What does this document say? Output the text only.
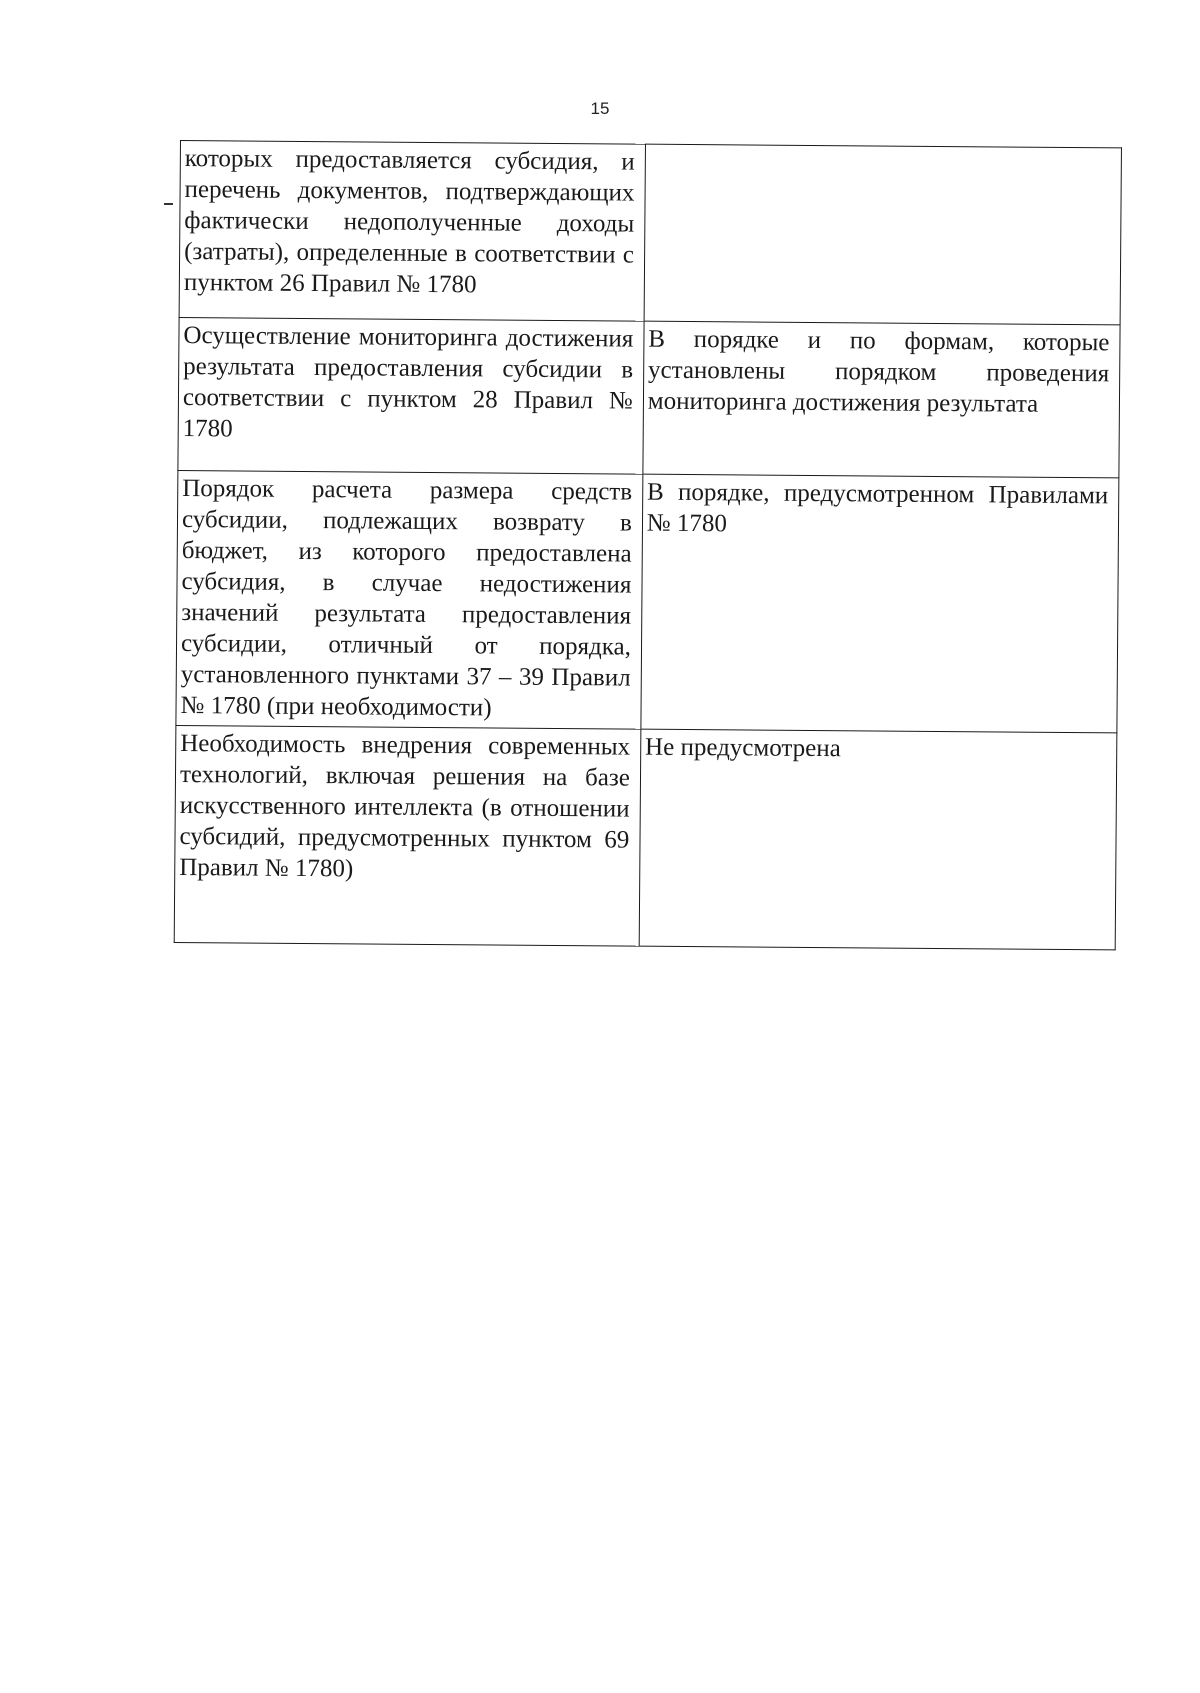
15
которых предоставляется субсидия, и перечень документов, подтверждающих фактически недополученные доходы (затраты), определенные в соответствии с пунктом 26 Правил № 1780	
Осуществление мониторинга достижения результата предоставления субсидии в соответствии с пунктом 28 Правил № 1780	В порядке и по формам, которые установлены порядком проведения мониторинга достижения результата
Порядок расчета размера средств субсидии, подлежащих возврату в бюджет, из которого предоставлена субсидия, в случае недостижения значений результата предоставления субсидии, отличный от порядка, установленного пунктами 37 – 39 Правил № 1780 (при необходимости)	В порядке, предусмотренном Правилами № 1780
Необходимость внедрения современных технологий, включая решения на базе искусственного интеллекта (в отношении субсидий, предусмотренных пунктом 69 Правил № 1780)	Не предусмотрена
